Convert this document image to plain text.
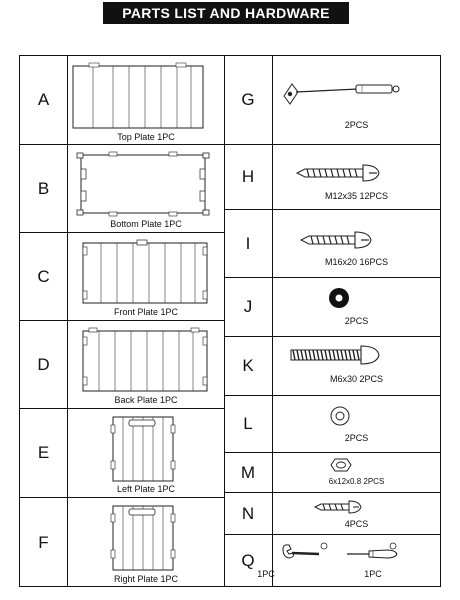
PARTS LIST AND HARDWARE
A
Top Plate 1PC
B
Bottom Plate 1PC
C
Front Plate 1PC
D
Back Plate 1PC
E
Left Plate 1PC
F
Right Plate 1PC
G
2PCS
H
M12x35 12PCS
I
M16x20 16PCS
J
2PCS
K
M6x30 2PCS
L
2PCS
M	6x12x0.8 2PCS
N
4PCS
Q
1PC	1PC
